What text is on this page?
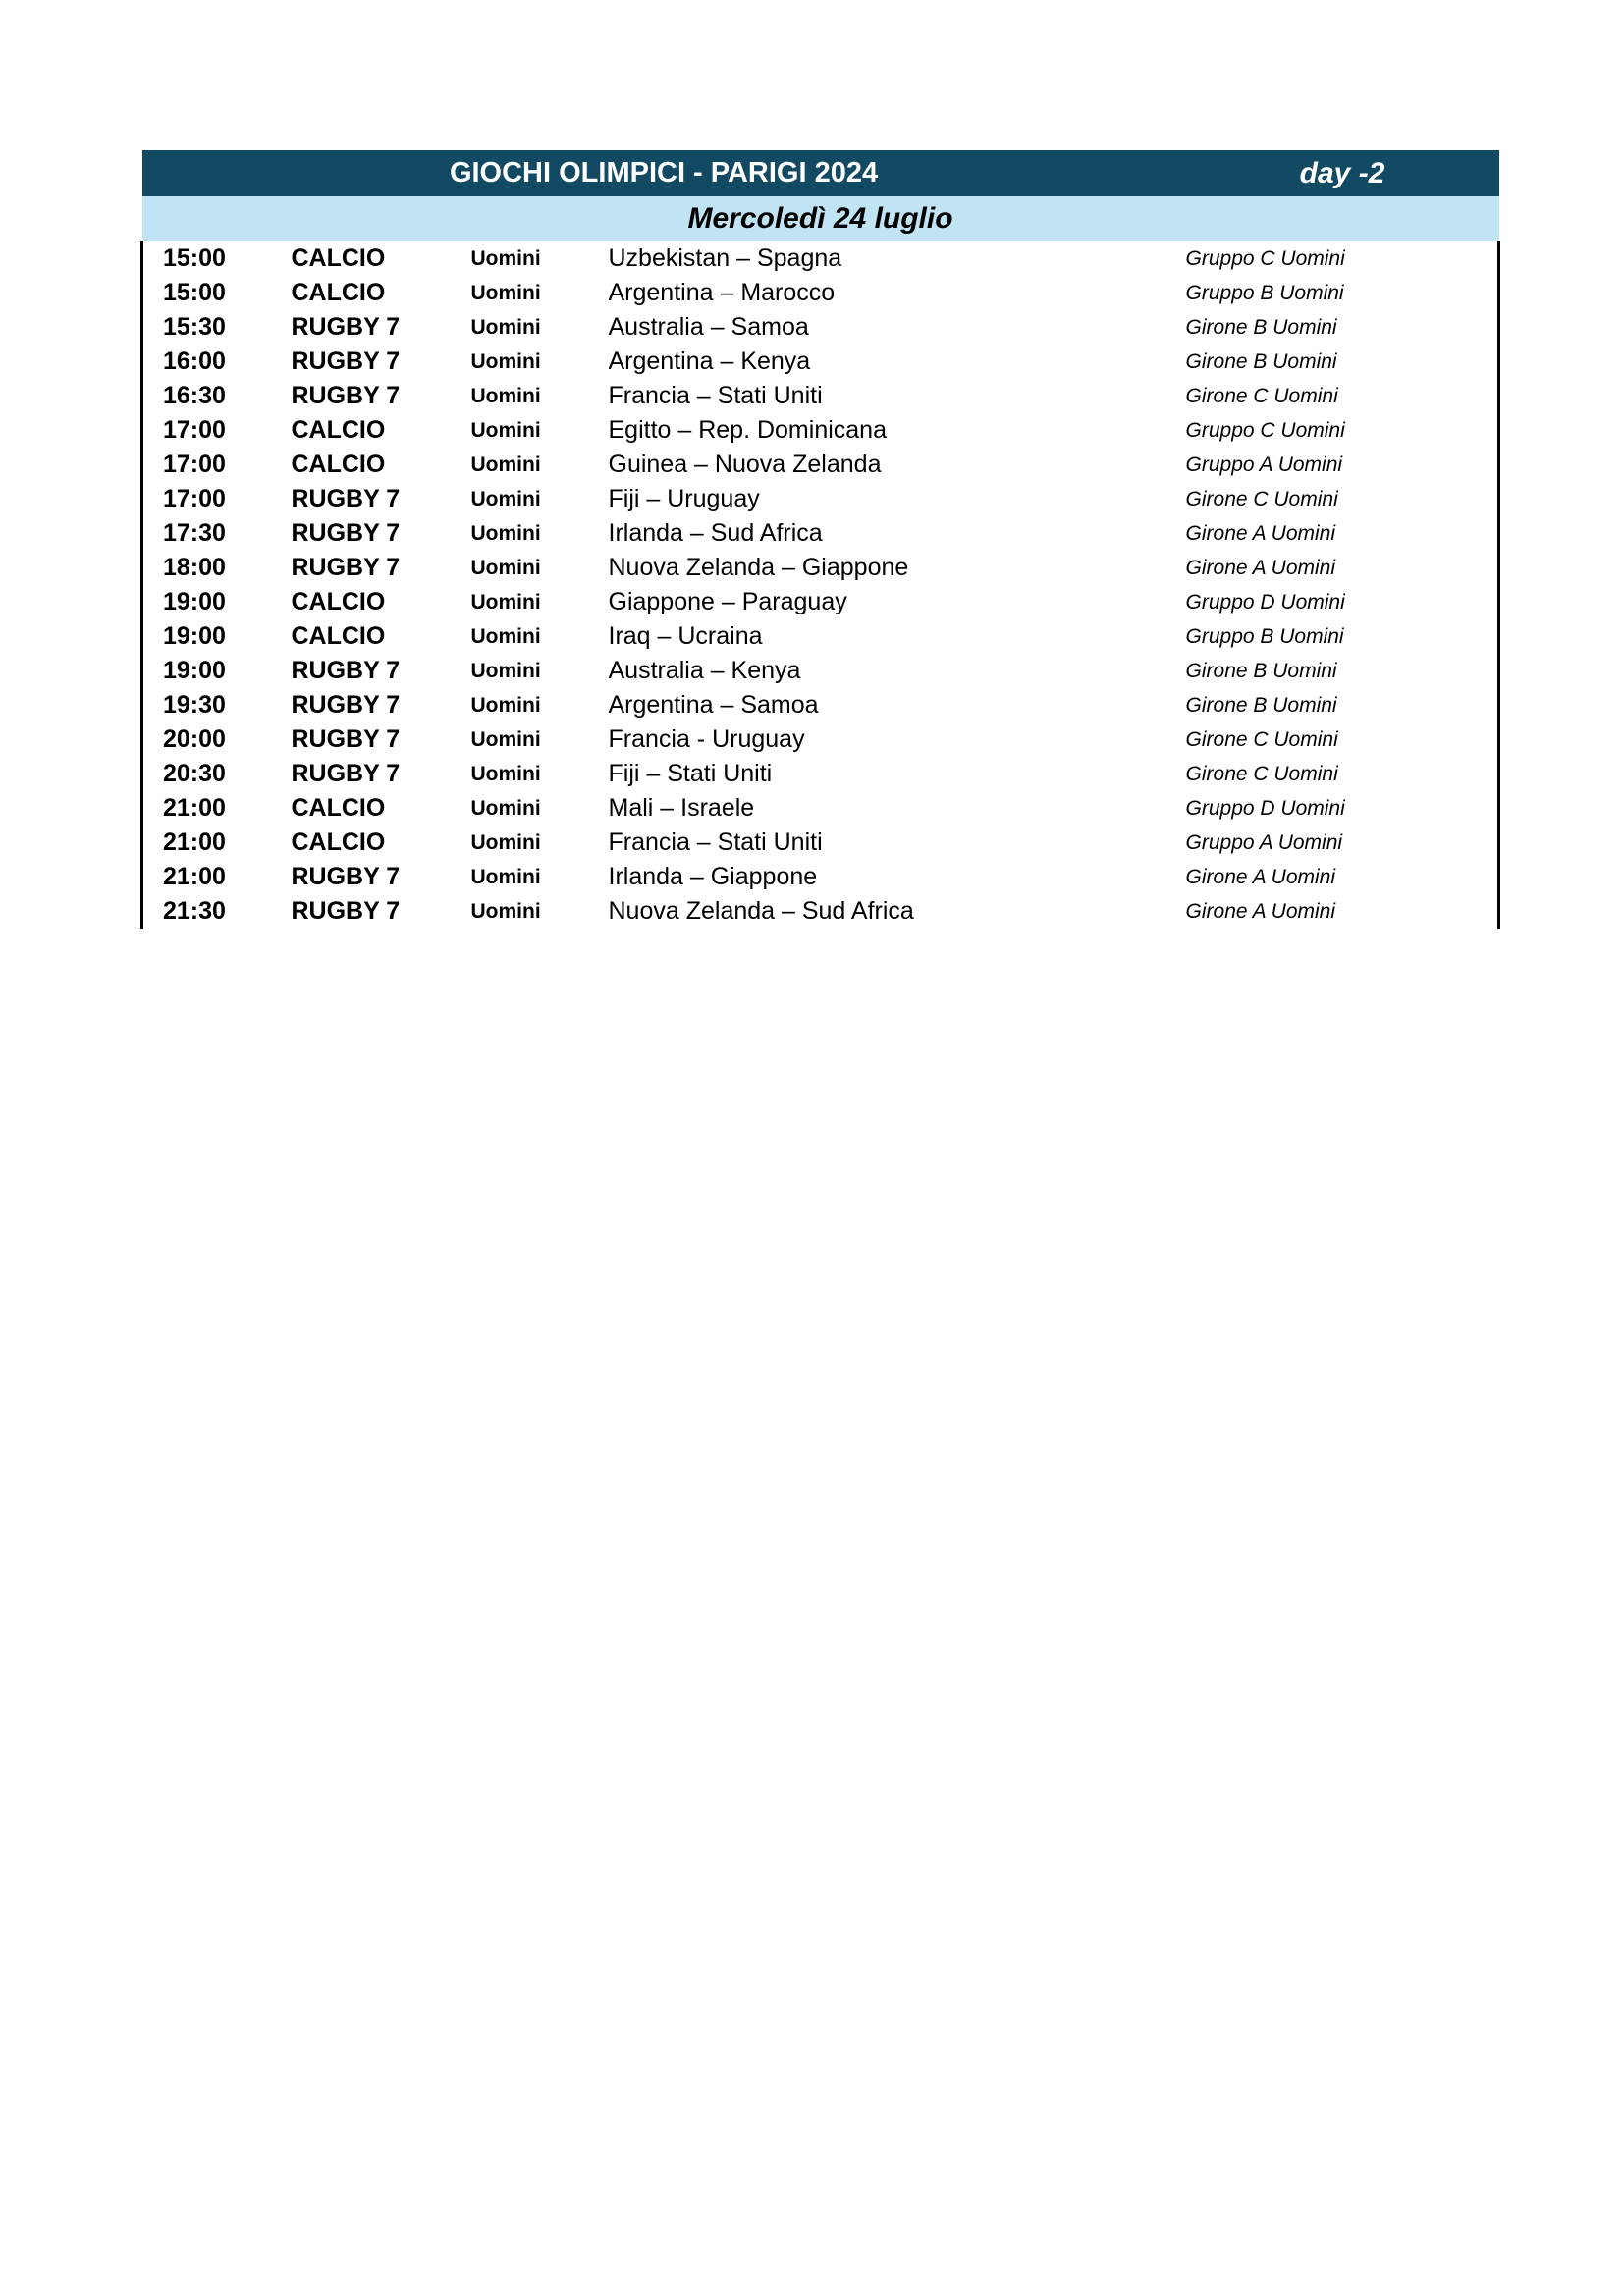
GIOCHI OLIMPICI - PARIGI 2024				day -2
Mercoledì 24 luglio				
15:00	CALCIO	Uomini	Uzbekistan – Spagna	Gruppo C Uomini
15:00	CALCIO	Uomini	Argentina – Marocco	Gruppo B Uomini
15:30	RUGBY 7	Uomini	Australia – Samoa	Girone B Uomini
16:00	RUGBY 7	Uomini	Argentina – Kenya	Girone B Uomini
16:30	RUGBY 7	Uomini	Francia – Stati Uniti	Girone C Uomini
17:00	CALCIO	Uomini	Egitto – Rep. Dominicana	Gruppo C Uomini
17:00	CALCIO	Uomini	Guinea – Nuova Zelanda	Gruppo A Uomini
17:00	RUGBY 7	Uomini	Fiji – Uruguay	Girone C Uomini
17:30	RUGBY 7	Uomini	Irlanda – Sud Africa	Girone A Uomini
18:00	RUGBY 7	Uomini	Nuova Zelanda – Giappone	Girone A Uomini
19:00	CALCIO	Uomini	Giappone – Paraguay	Gruppo D Uomini
19:00	CALCIO	Uomini	Iraq – Ucraina	Gruppo B Uomini
19:00	RUGBY 7	Uomini	Australia – Kenya	Girone B Uomini
19:30	RUGBY 7	Uomini	Argentina – Samoa	Girone B Uomini
20:00	RUGBY 7	Uomini	Francia - Uruguay	Girone C Uomini
20:30	RUGBY 7	Uomini	Fiji – Stati Uniti	Girone C Uomini
21:00	CALCIO	Uomini	Mali – Israele	Gruppo D Uomini
21:00	CALCIO	Uomini	Francia – Stati Uniti	Gruppo A Uomini
21:00	RUGBY 7	Uomini	Irlanda – Giappone	Girone A Uomini
21:30	RUGBY 7	Uomini	Nuova Zelanda – Sud Africa	Girone A Uomini
